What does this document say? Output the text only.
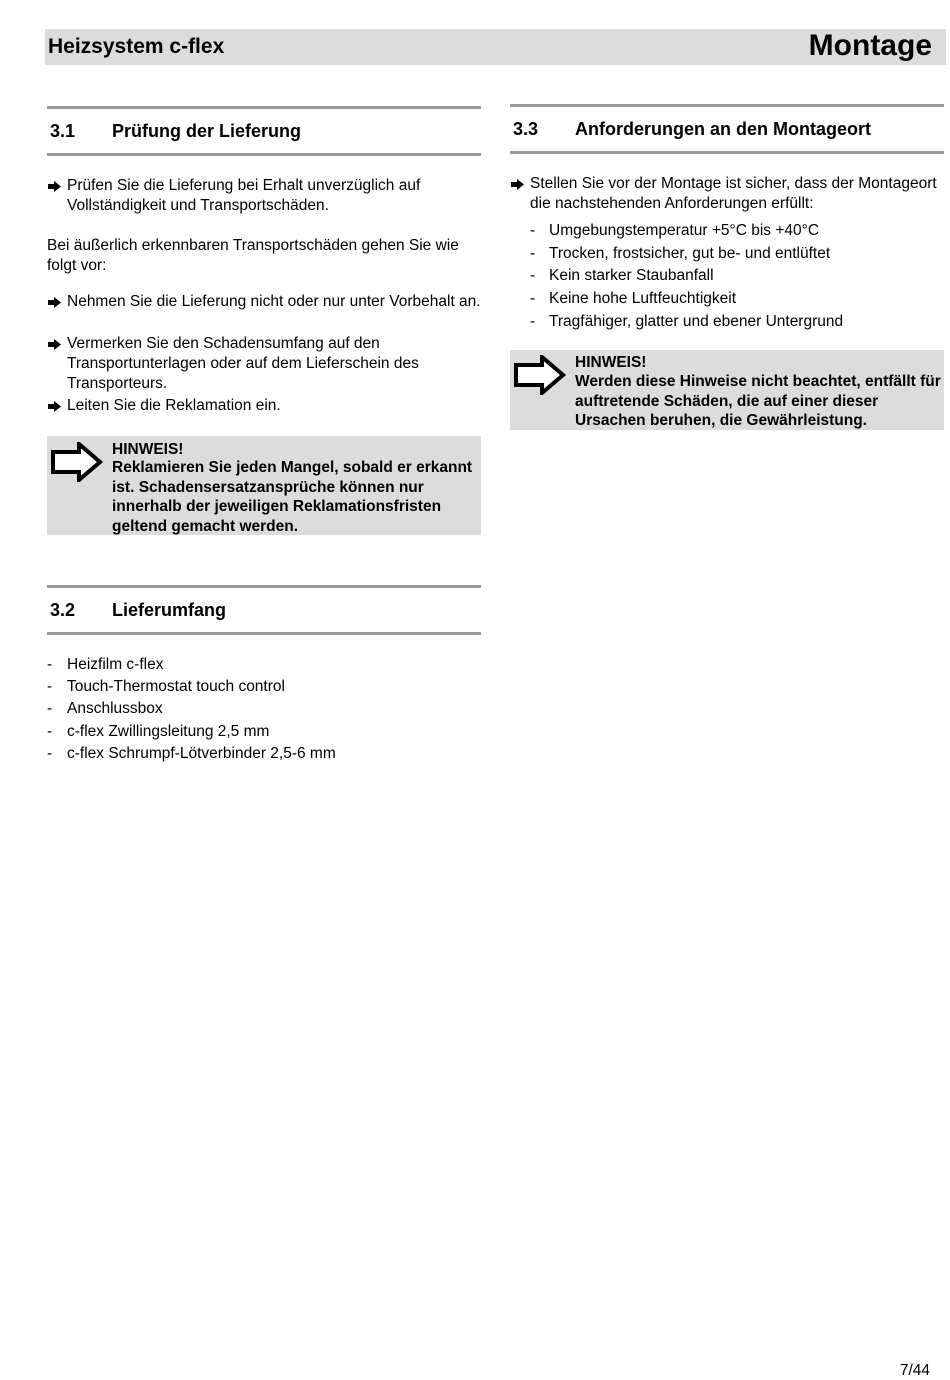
Heizsystem c-flex	Montage
3.1 Prüfung der Lieferung
Prüfen Sie die Lieferung bei Erhalt unverzüglich auf Vollständigkeit und Transportschäden.
Bei äußerlich erkennbaren Transportschäden gehen Sie wie folgt vor:
Nehmen Sie die Lieferung nicht oder nur unter Vorbehalt an.
Vermerken Sie den Schadensumfang auf den Transportunterlagen oder auf dem Lieferschein des Transporteurs.
Leiten Sie die Reklamation ein.
HINWEIS!
Reklamieren Sie jeden Mangel, sobald er erkannt ist. Schadensersatzansprüche können nur innerhalb der jeweiligen Reklamationsfristen geltend gemacht werden.
3.2 Lieferumfang
- Heizfilm c-flex
- Touch-Thermostat touch control
- Anschlussbox
- c-flex Zwillingsleitung 2,5 mm
- c-flex Schrumpf-Lötverbinder 2,5-6 mm
3.3 Anforderungen an den Montageort
Stellen Sie vor der Montage ist sicher, dass der Montageort die nachstehenden Anforderungen erfüllt:
- Umgebungstemperatur +5°C bis +40°C
- Trocken, frostsicher, gut be- und entlüftet
- Kein starker Staubanfall
- Keine hohe Luftfeuchtigkeit
- Tragfähiger, glatter und ebener Untergrund
HINWEIS!
Werden diese Hinweise nicht beachtet, entfällt für auftretende Schäden, die auf einer dieser Ursachen beruhen, die Gewährleistung.
7/44
